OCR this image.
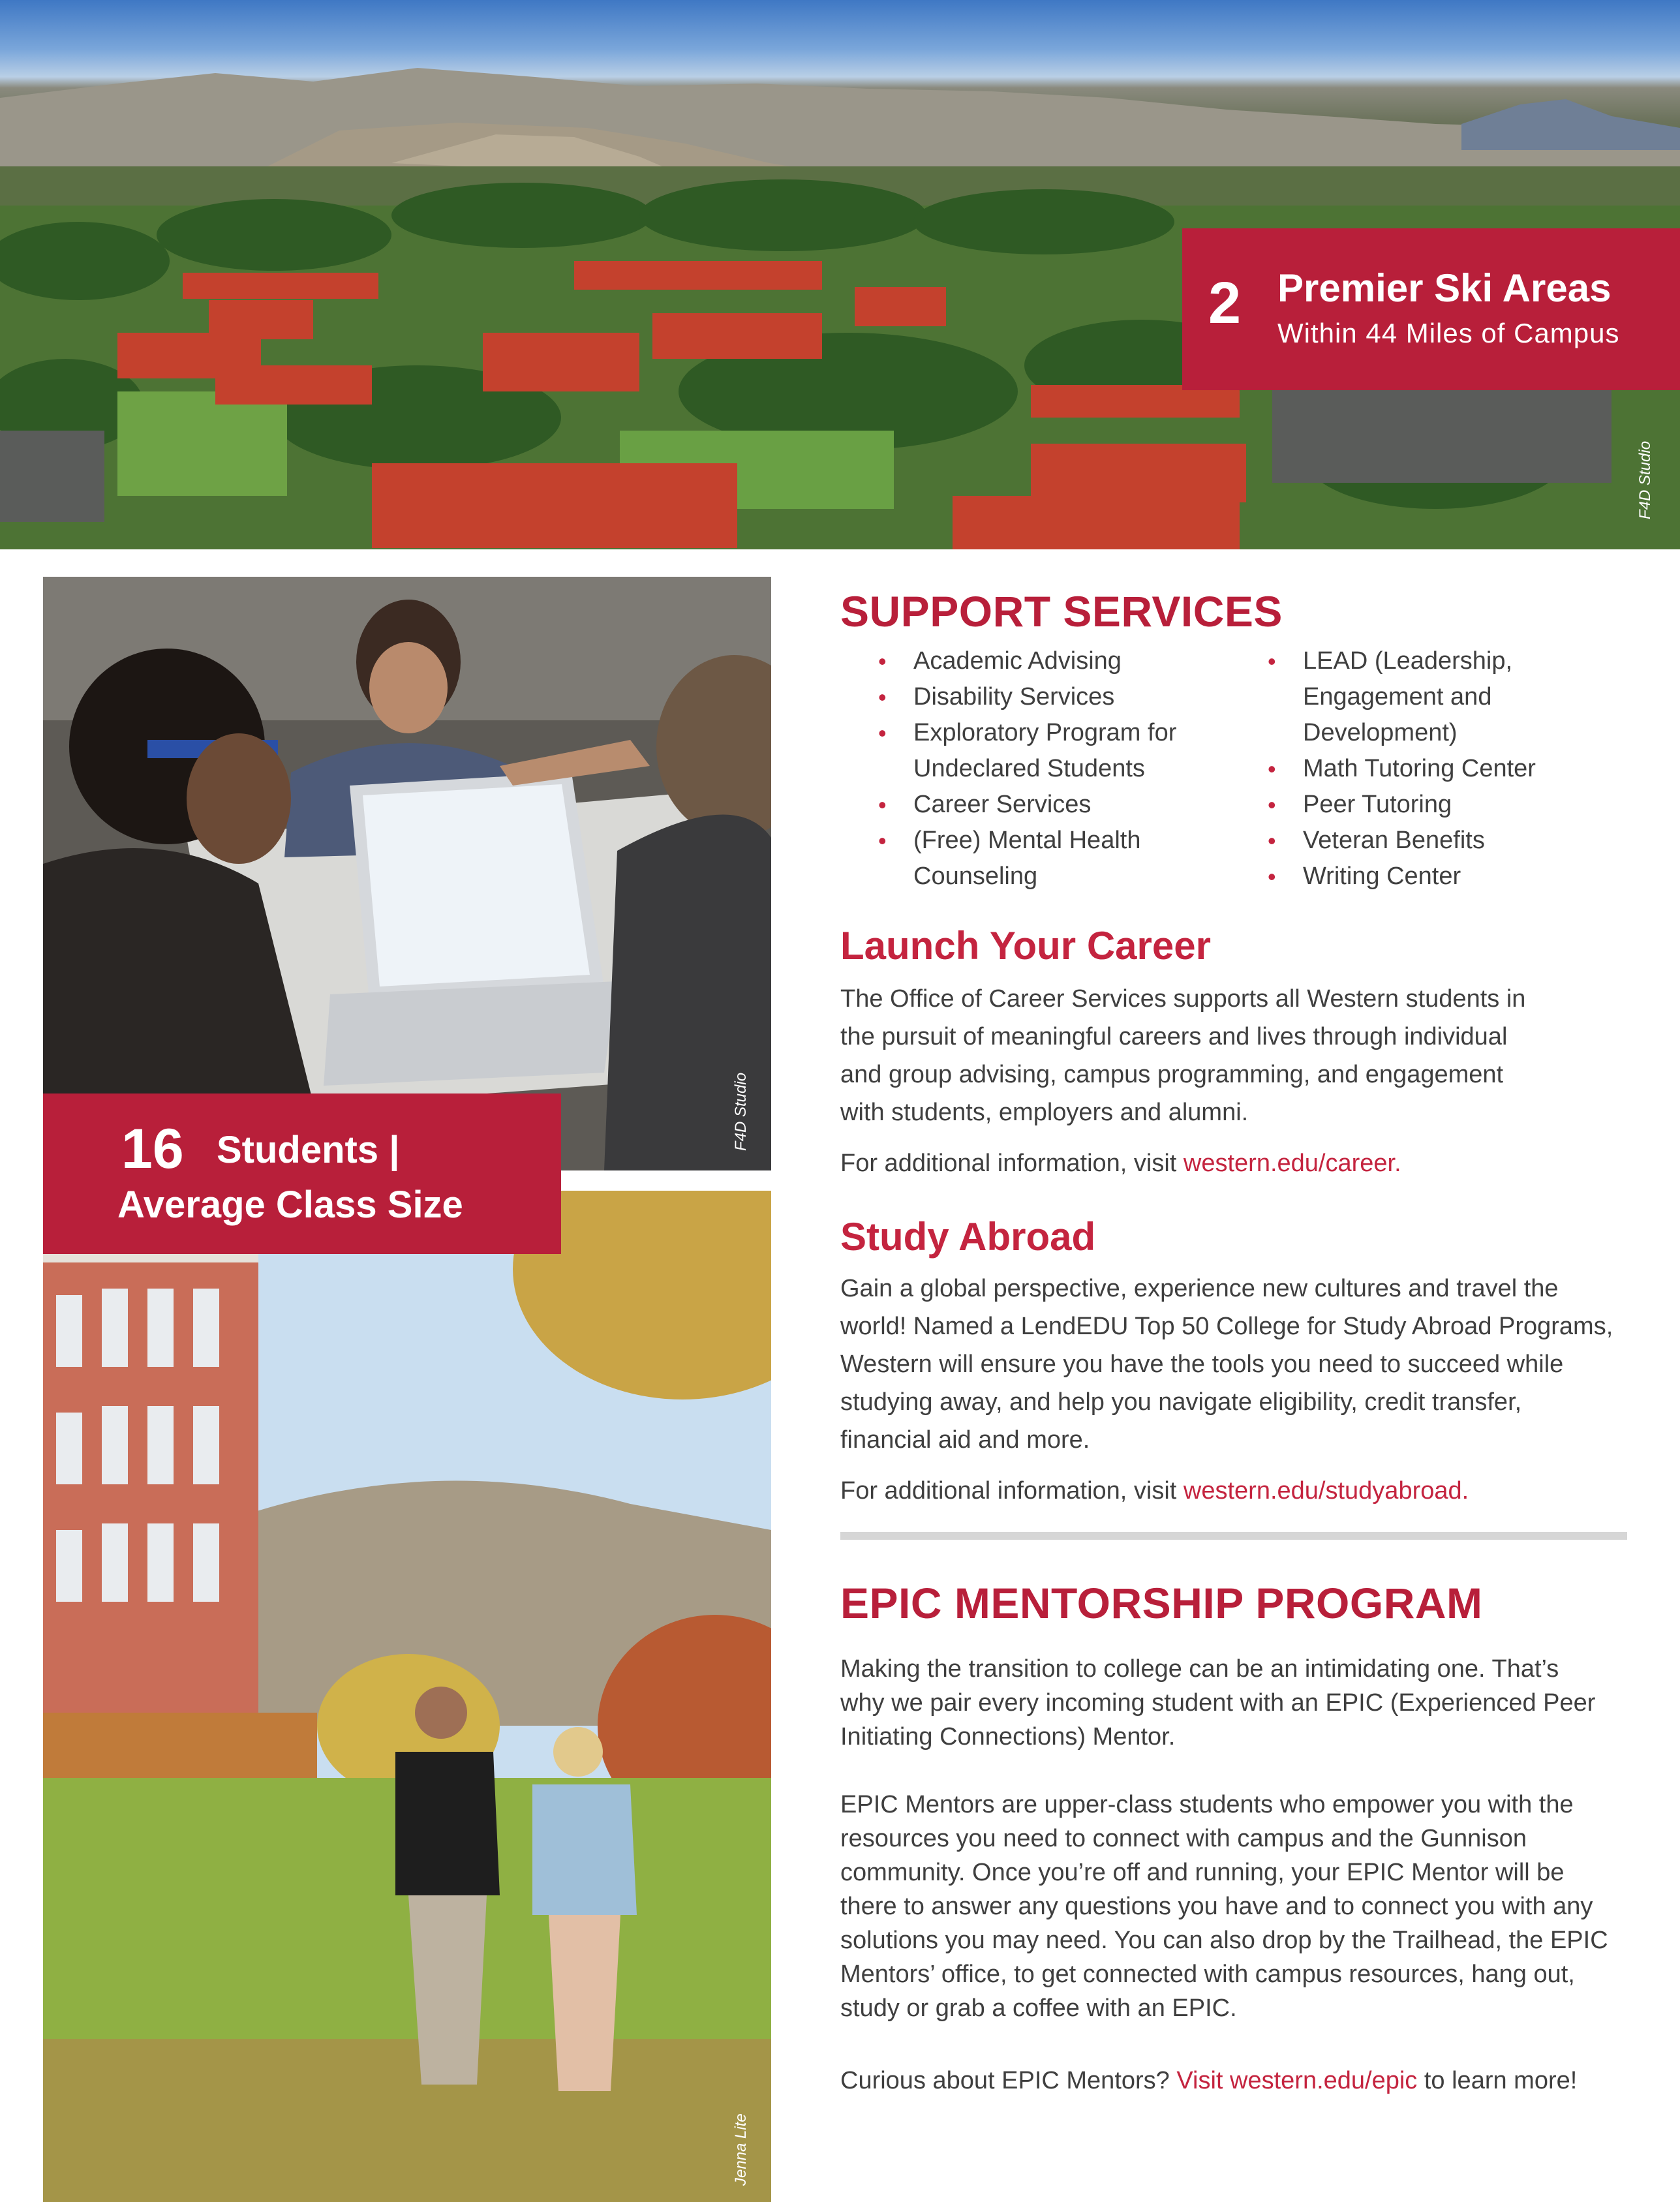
F4D Studio
2 Premier Ski Areas
Within 44 Miles of Campus
F4D Studio
Jenna Lite
16 Students |
Average Class Size
SUPPORT SERVICES
• Academic Advising
• Disability Services
• Exploratory Program for
Undeclared Students
• Career Services
• (Free) Mental Health
Counseling
• LEAD (Leadership,
Engagement and
Development)
• Math Tutoring Center
• Peer Tutoring
• Veteran Benefits
• Writing Center
Launch Your Career

The Office of Career Services supports all Western students in
the pursuit of meaningful careers and lives through individual
and group advising, campus programming, and engagement
with students, employers and alumni.

For additional information, visit western.edu/career.

Study Abroad

Gain a global perspective, experience new cultures and travel the
world! Named a LendEDU Top 50 College for Study Abroad Programs,
Western will ensure you have the tools you need to succeed while
studying away, and help you navigate eligibility, credit transfer,
financial aid and more.

For additional information, visit western.edu/studyabroad.

EPIC MENTORSHIP PROGRAM

Making the transition to college can be an intimidating one. That’s
why we pair every incoming student with an EPIC (Experienced Peer
Initiating Connections) Mentor.

EPIC Mentors are upper-class students who empower you with the
resources you need to connect with campus and the Gunnison
community. Once you’re off and running, your EPIC Mentor will be
there to answer any questions you have and to connect you with any
solutions you may need. You can also drop by the Trailhead, the EPIC
Mentors’ office, to get connected with campus resources, hang out,
study or grab a coffee with an EPIC.

Curious about EPIC Mentors? Visit western.edu/epic to learn more!
